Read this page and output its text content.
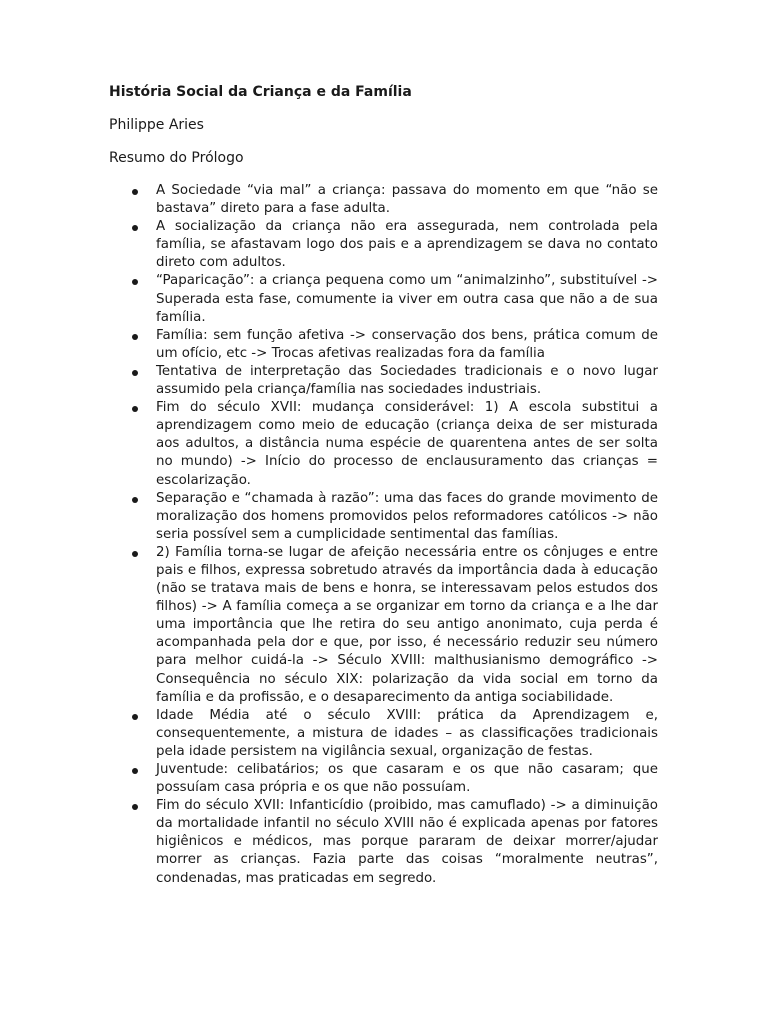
História Social da Criança e da Família

Philippe Aries

Resumo do Prólogo

A Sociedade “via mal” a criança: passava do momento em que “não se bastava” direto para a fase adulta.
A socialização da criança não era assegurada, nem controlada pela família, se afastavam logo dos pais e a aprendizagem se dava no contato direto com adultos.
“Paparicação”: a criança pequena como um “animalzinho”, substituível -> Superada esta fase, comumente ia viver em outra casa que não a de sua família.
Família: sem função afetiva -> conservação dos bens, prática comum de um ofício, etc -> Trocas afetivas realizadas fora da família
Tentativa de interpretação das Sociedades tradicionais e o novo lugar assumido pela criança/família nas sociedades industriais.
Fim do século XVII: mudança considerável: 1) A escola substitui a aprendizagem como meio de educação (criança deixa de ser misturada aos adultos, a distância numa espécie de quarentena antes de ser solta no mundo) -> Início do processo de enclausuramento das crianças = escolarização.
Separação e “chamada à razão”: uma das faces do grande movimento de moralização dos homens promovidos pelos reformadores católicos -> não seria possível sem a cumplicidade sentimental das famílias.
2) Família torna-se lugar de afeição necessária entre os cônjuges e entre pais e filhos, expressa sobretudo através da importância dada à educação (não se tratava mais de bens e honra, se interessavam pelos estudos dos filhos) -> A família começa a se organizar em torno da criança e a lhe dar uma importância que lhe retira do seu antigo anonimato, cuja perda é acompanhada pela dor e que, por isso, é necessário reduzir seu número para melhor cuidá-la -> Século XVIII: malthusianismo demográfico -> Consequência no século XIX: polarização da vida social em torno da família e da profissão, e o desaparecimento da antiga sociabilidade.
Idade Média até o século XVIII: prática da Aprendizagem e, consequentemente, a mistura de idades – as classificações tradicionais pela idade persistem na vigilância sexual, organização de festas.
Juventude: celibatários; os que casaram e os que não casaram; que possuíam casa própria e os que não possuíam.
Fim do século XVII: Infanticídio (proibido, mas camuflado) -> a diminuição da mortalidade infantil no século XVIII não é explicada apenas por fatores higiênicos e médicos, mas porque pararam de deixar morrer/ajudar morrer as crianças. Fazia parte das coisas “moralmente neutras”, condenadas, mas praticadas em segredo.
